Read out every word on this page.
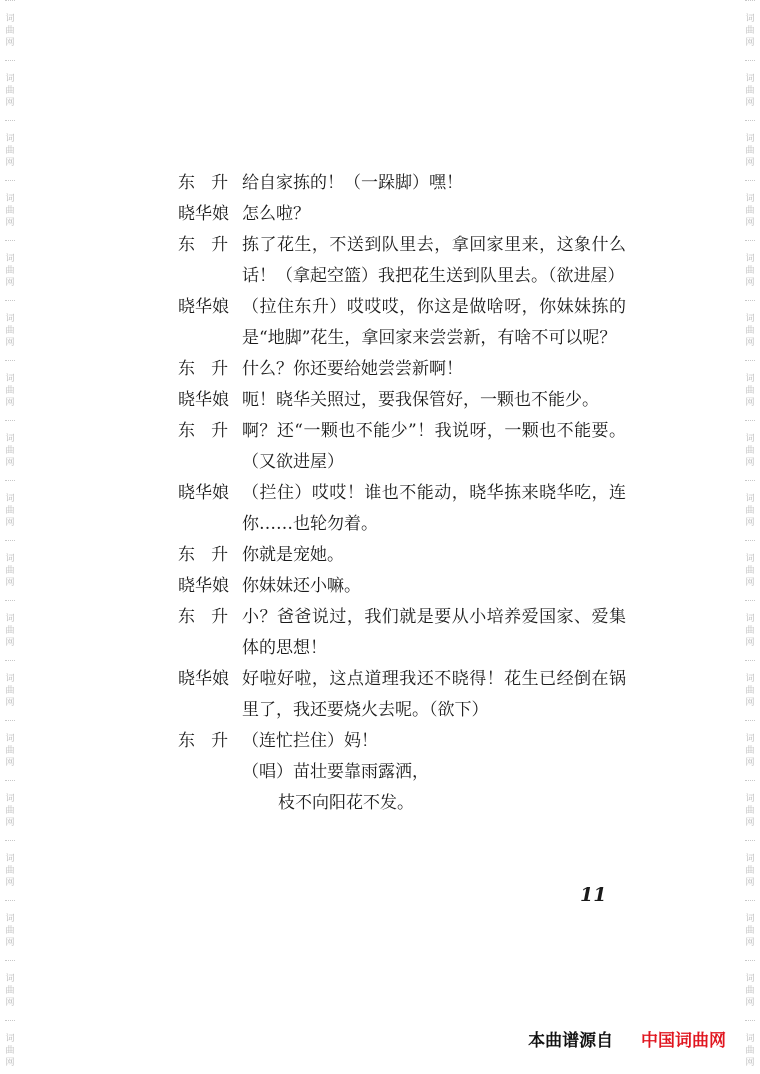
词
曲
网
词
曲
网
词
曲
网
词
曲
网
词
曲
网
词
曲
网
词
曲
网
词
曲
网
词
曲
网
词
曲
网
词
曲
网
词
曲
网
词
曲
网
词
曲
网
词
曲
网
词
曲
网
词
曲
网
词
曲
网
词
曲
网
词
曲
网
词
曲
网
词
曲
网
词
曲
网
词
曲
网
词
曲
网
词
曲
网
词
曲
网
词
曲
网
词
曲
网
词
曲
网
词
曲
网
词
曲
网
词
曲
网
词
曲
网
词
曲
网
词
曲
网
东升
给自家拣的！（一跺脚）嘿！
晓华娘 怎么啦？
东升
拣了花生，不送到队里去，拿回家里来，这象什么话！（拿起空篮）我把花生送到队里去。（欲进屋）
晓华娘 （拉住东升）哎哎哎，你这是做啥呀，你妹妹拣的是“地脚”花生，拿回家来尝尝新，有啥不可以呢？
东升
什么？你还要给她尝尝新啊！
晓华娘 呃！晓华关照过，要我保管好，一颗也不能少。
东升
啊？还“一颗也不能少”！我说呀，一颗也不能要。（又欲进屋）
晓华娘 （拦住）哎哎！谁也不能动，晓华拣来晓华吃，连你……也轮勿着。
东升
你就是宠她。
晓华娘 你妹妹还小嘛。
东升
小？爸爸说过，我们就是要从小培养爱国家、爱集体的思想！
晓华娘 好啦好啦，这点道理我还不晓得！花生已经倒在锅里了，我还要烧火去呢。（欲下）
东升
（连忙拦住）妈！
（唱）苗壮要靠雨露洒，
枝不向阳花不发。
11
本曲谱源自 中国词曲网
